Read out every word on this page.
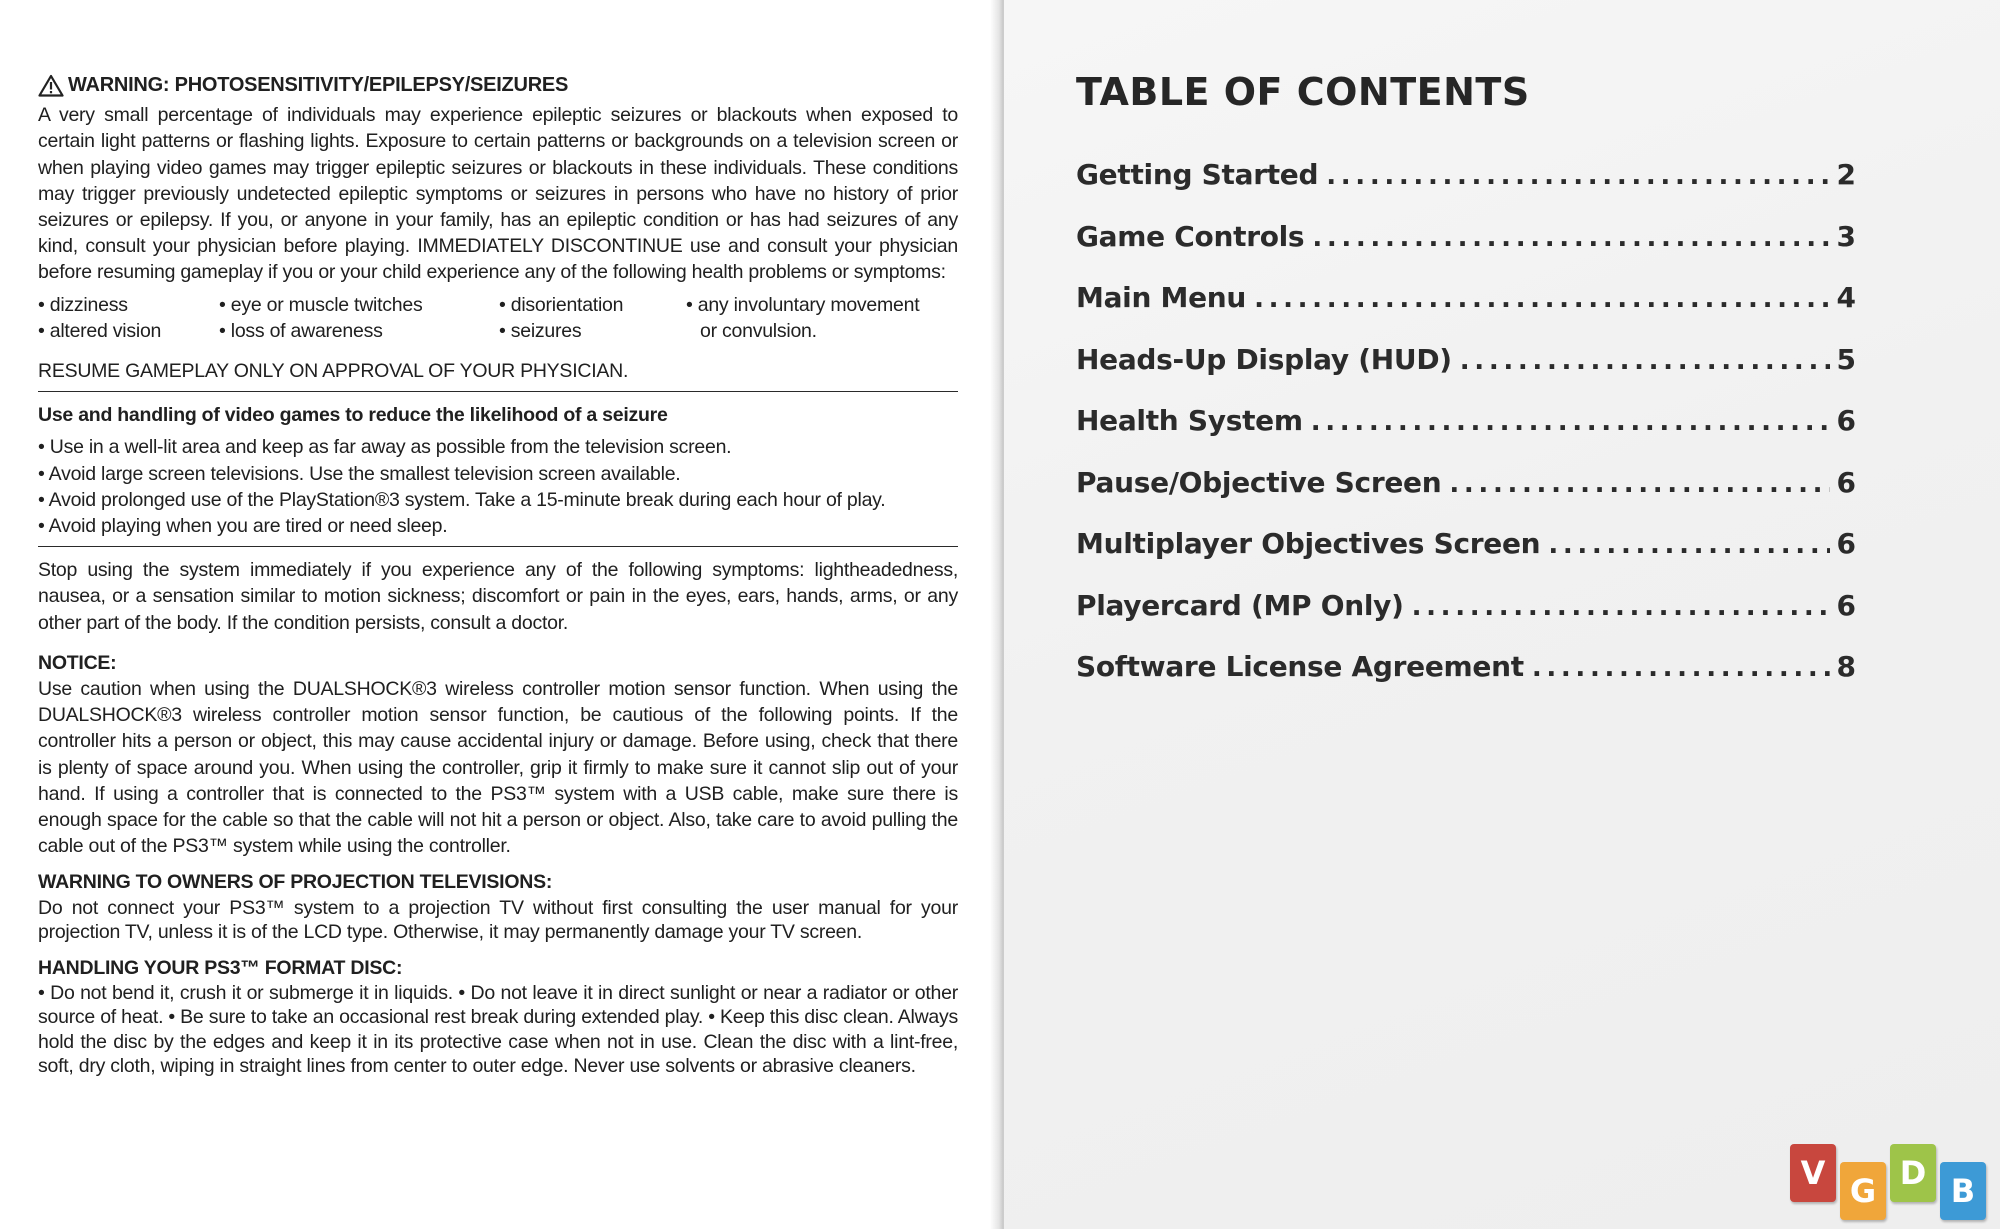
WARNING: PHOTOSENSITIVITY/EPILEPSY/SEIZURES
A very small percentage of individuals may experience epileptic seizures or blackouts when exposed to certain light patterns or flashing lights. Exposure to certain patterns or backgrounds on a television screen or when playing video games may trigger epileptic seizures or blackouts in these individuals. These conditions may trigger previously undetected epileptic symptoms or seizures in persons who have no history of prior seizures or epilepsy. If you, or anyone in your family, has an epileptic condition or has had seizures of any kind, consult your physician before playing. IMMEDIATELY DISCONTINUE use and consult your physician before resuming gameplay if you or your child experience any of the following health problems or symptoms:
• dizziness	• eye or muscle twitches	• disorientation	• any involuntary movement
• altered vision	• loss of awareness	• seizures	or convulsion.
RESUME GAMEPLAY ONLY ON APPROVAL OF YOUR PHYSICIAN.
Use and handling of video games to reduce the likelihood of a seizure
• Use in a well-lit area and keep as far away as possible from the television screen.
• Avoid large screen televisions. Use the smallest television screen available.
• Avoid prolonged use of the PlayStation®3 system. Take a 15-minute break during each hour of play.
• Avoid playing when you are tired or need sleep.
Stop using the system immediately if you experience any of the following symptoms: lightheadedness, nausea, or a sensation similar to motion sickness; discomfort or pain in the eyes, ears, hands, arms, or any other part of the body. If the condition persists, consult a doctor.
NOTICE:
Use caution when using the DUALSHOCK®3 wireless controller motion sensor function. When using the DUALSHOCK®3 wireless controller motion sensor function, be cautious of the following points. If the controller hits a person or object, this may cause accidental injury or damage. Before using, check that there is plenty of space around you. When using the controller, grip it firmly to make sure it cannot slip out of your hand. If using a controller that is connected to the PS3™ system with a USB cable, make sure there is enough space for the cable so that the cable will not hit a person or object. Also, take care to avoid pulling the cable out of the PS3™ system while using the controller.
WARNING TO OWNERS OF PROJECTION TELEVISIONS:
Do not connect your PS3™ system to a projection TV without first consulting the user manual for your projection TV, unless it is of the LCD type. Otherwise, it may permanently damage your TV screen.
HANDLING YOUR PS3™ FORMAT DISC:
• Do not bend it, crush it or submerge it in liquids. • Do not leave it in direct sunlight or near a radiator or other source of heat. • Be sure to take an occasional rest break during extended play. • Keep this disc clean. Always hold the disc by the edges and keep it in its protective case when not in use. Clean the disc with a lint-free, soft, dry cloth, wiping in straight lines from center to outer edge. Never use solvents or abrasive cleaners.
TABLE OF CONTENTS
Getting Started . . .	2
Game Controls . . .	3
Main Menu . . .	4
Heads-Up Display (HUD) . . .	5
Health System . . .	6
Pause/Objective Screen . . .	6
Multiplayer Objectives Screen . . .	6
Playercard (MP Only) . . .	6
Software License Agreement . . .	8
V G D B
